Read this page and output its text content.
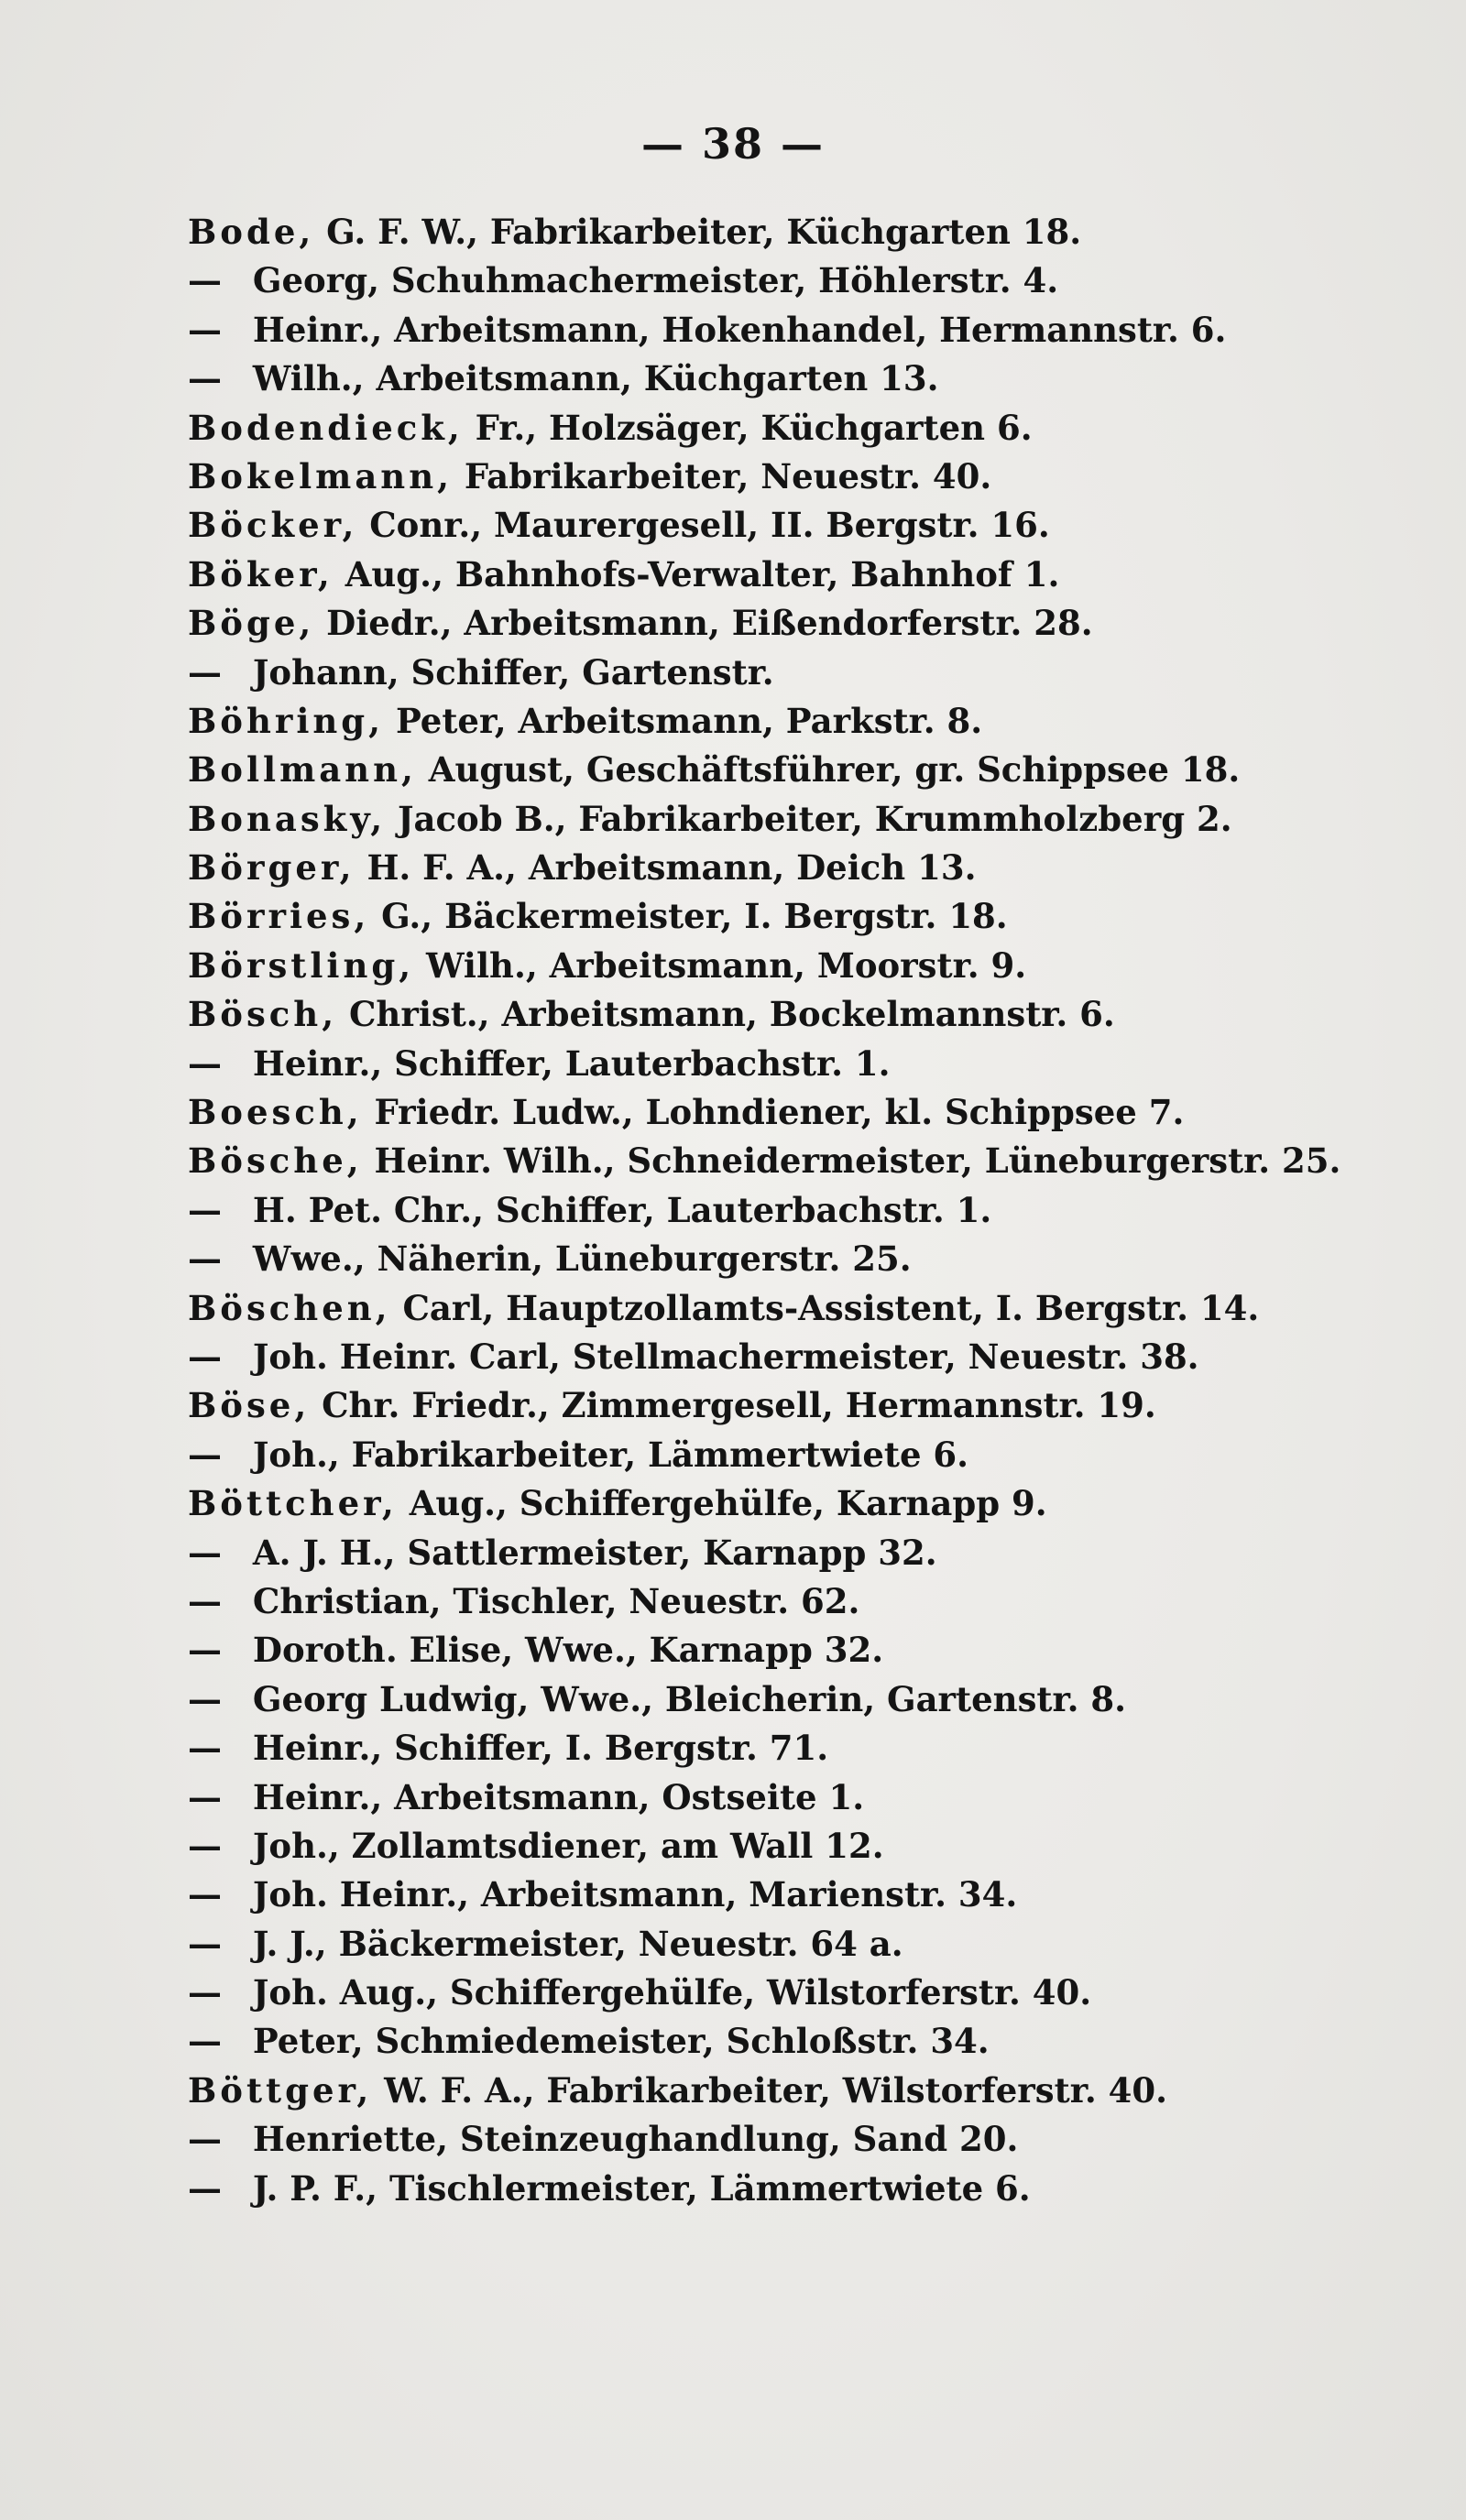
— 38 —
Bode, G. F. W., Fabrikarbeiter, Küchgarten 18.
— Georg, Schuhmachermeister, Höhlerstr. 4.
— Heinr., Arbeitsmann, Hokenhandel, Hermannstr. 6.
— Wilh., Arbeitsmann, Küchgarten 13.
Bodendieck, Fr., Holzsäger, Küchgarten 6.
Bokelmann, Fabrikarbeiter, Neuestr. 40.
Böcker, Conr., Maurergesell, II. Bergstr. 16.
Böker, Aug., Bahnhofs-Verwalter, Bahnhof 1.
Böge, Diedr., Arbeitsmann, Eißendorferstr. 28.
— Johann, Schiffer, Gartenstr.
Böhring, Peter, Arbeitsmann, Parkstr. 8.
Bollmann, August, Geschäftsführer, gr. Schippsee 18.
Bonasky, Jacob B., Fabrikarbeiter, Krummholzberg 2.
Börger, H. F. A., Arbeitsmann, Deich 13.
Börries, G., Bäckermeister, I. Bergstr. 18.
Börstling, Wilh., Arbeitsmann, Moorstr. 9.
Bösch, Christ., Arbeitsmann, Bockelmannstr. 6.
— Heinr., Schiffer, Lauterbachstr. 1.
Boesch, Friedr. Ludw., Lohndiener, kl. Schippsee 7.
Bösche, Heinr. Wilh., Schneidermeister, Lüneburgerstr. 25.
— H. Pet. Chr., Schiffer, Lauterbachstr. 1.
— Wwe., Näherin, Lüneburgerstr. 25.
Böschen, Carl, Hauptzollamts-Assistent, I. Bergstr. 14.
— Joh. Heinr. Carl, Stellmachermeister, Neuestr. 38.
Böse, Chr. Friedr., Zimmergesell, Hermannstr. 19.
— Joh., Fabrikarbeiter, Lämmertwiete 6.
Böttcher, Aug., Schiffergehülfe, Karnapp 9.
— A. J. H., Sattlermeister, Karnapp 32.
— Christian, Tischler, Neuestr. 62.
— Doroth. Elise, Wwe., Karnapp 32.
— Georg Ludwig, Wwe., Bleicherin, Gartenstr. 8.
— Heinr., Schiffer, I. Bergstr. 71.
— Heinr., Arbeitsmann, Ostseite 1.
— Joh., Zollamtsdiener, am Wall 12.
— Joh. Heinr., Arbeitsmann, Marienstr. 34.
— J. J., Bäckermeister, Neuestr. 64 a.
— Joh. Aug., Schiffergehülfe, Wilstorferstr. 40.
— Peter, Schmiedemeister, Schloßstr. 34.
Böttger, W. F. A., Fabrikarbeiter, Wilstorferstr. 40.
— Henriette, Steinzeughandlung, Sand 20.
— J. P. F., Tischlermeister, Lämmertwiete 6.
